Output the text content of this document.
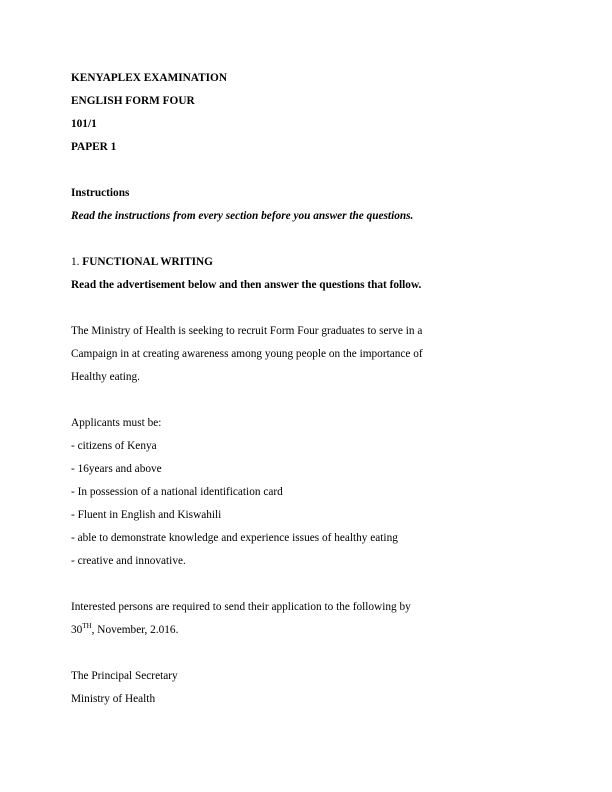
KENYAPLEX EXAMINATION
ENGLISH FORM FOUR
101/1
PAPER 1
Instructions
Read the instructions from every section before you answer the questions.
1. FUNCTIONAL WRITING
Read the advertisement below and then answer the questions that follow.
The Ministry of Health is seeking to recruit Form Four graduates to serve in a
Campaign in at creating awareness among young people on the importance of
Healthy eating.
Applicants must be:
- citizens of Kenya
- 16years and above
- In possession of a national identification card
- Fluent in English and Kiswahili
- able to demonstrate knowledge and experience issues of healthy eating
- creative and innovative.
Interested persons are required to send their application to the following by
30TH, November, 2.016.
The Principal Secretary
Ministry of Health
